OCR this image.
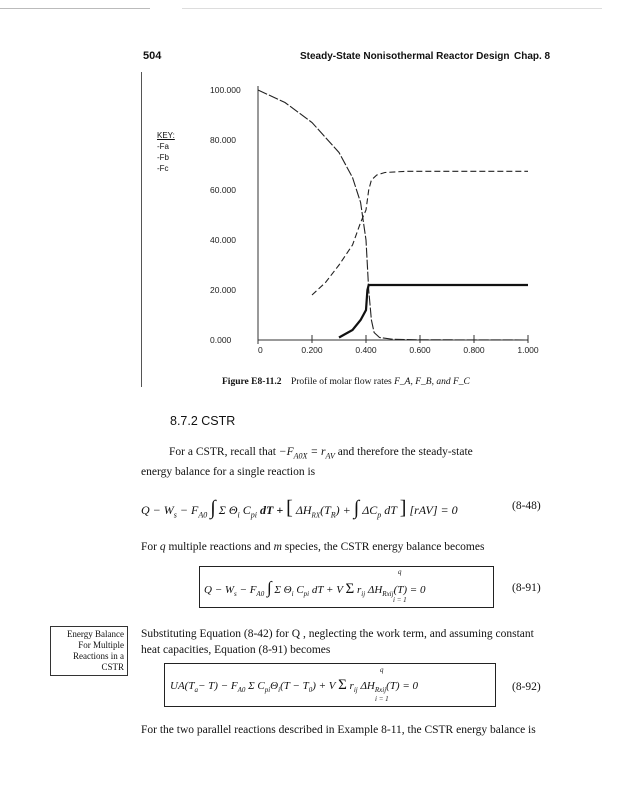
504	Steady-State Nonisothermal Reactor Design Chap. 8
KEY:
-Fa
-Fb
-Fc
0.000
20.000
40.000
60.000
80.000
100.000
0	0.200	0.400	0.600	0.800	1.000
Figure E8-11.2 Profile of molar flow rates F_A, F_B, and F_C
8.7.2 CSTR
For a CSTR, recall that $-F_{A0X} = r_{AV}$ and therefore the steady-state
energy balance for a single reaction is
$Q - W_s - F_{A0}$ ∫ Σ $\Theta_i$ $C_{pi}$ dT + [ $\Delta H_{RX}(T_R)$ + ∫ $\Delta C_p$ dT ] [rAV] = 0	(8-48)
For q multiple reactions and m species, the CSTR energy balance becomes
$Q - W_s - F_{A0}$ ∫ Σ $\Theta_i$ $C_{pi}$ dT + V Σ $r_{ij}$ $\Delta H_{Rxij}(T) = 0$
q
i = 1
(8-91)
Energy Balance
For Multiple
Reactions in a
CSTR
Substituting Equation (8-42) for Q , neglecting the work term, and assuming constant heat capacities, Equation (8-91) becomes
$UA(T_a- T) - F_{A0}$ Σ $C_{pi}\Theta_i(T - T_0) + V$ Σ $r_{ij}$ $\Delta H_{Rxij}(T) = 0$
q
i = 1
(8-92)
For the two parallel reactions described in Example 8-11, the CSTR energy balance is
